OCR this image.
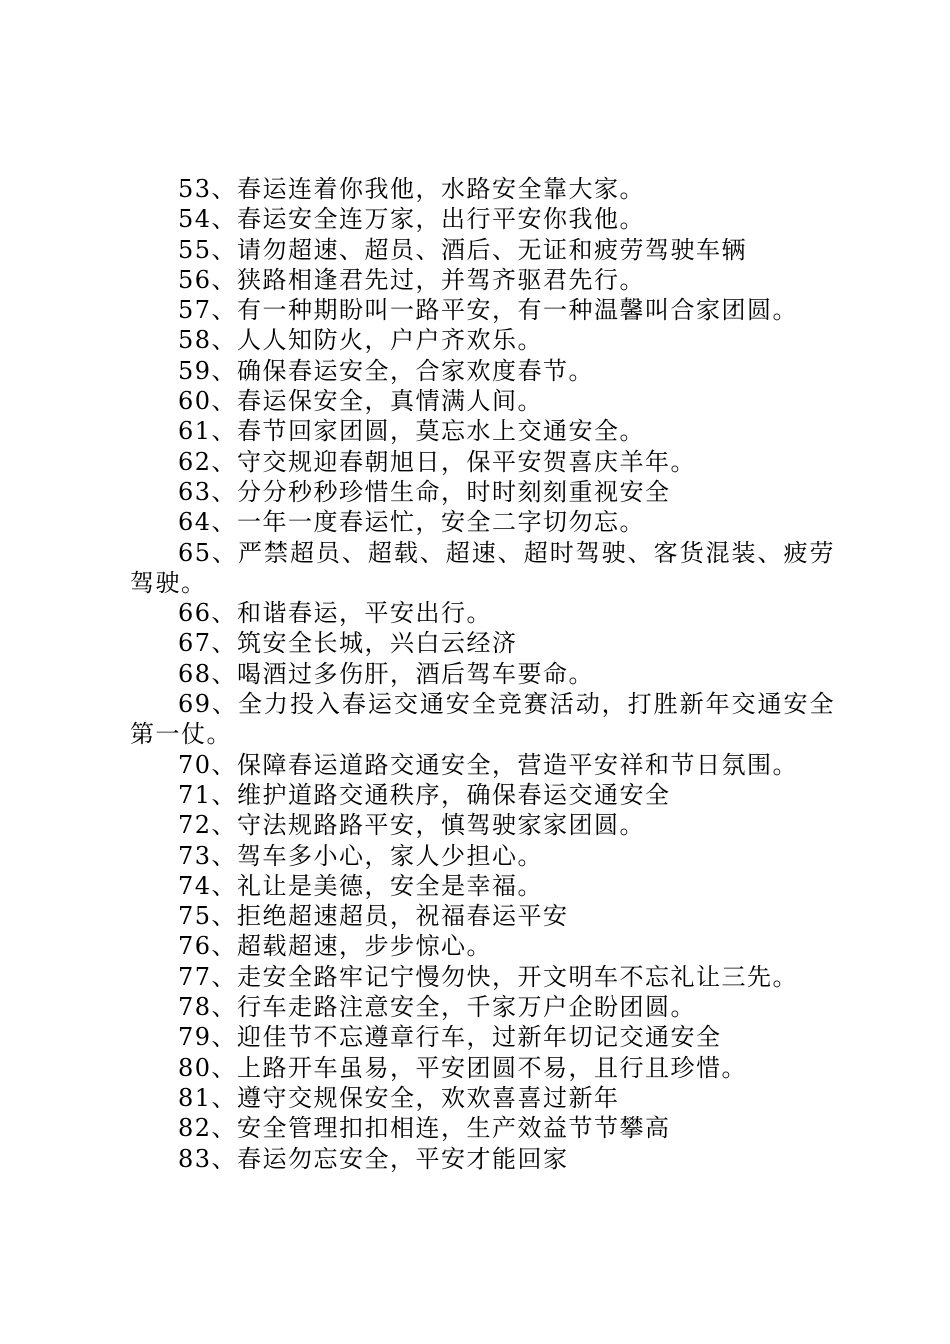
53、春运连着你我他，水路安全靠大家。
54、春运安全连万家，出行平安你我他。
55、请勿超速、超员、酒后、无证和疲劳驾驶车辆
56、狭路相逢君先过，并驾齐驱君先行。
57、有一种期盼叫一路平安，有一种温馨叫合家团圆。
58、人人知防火，户户齐欢乐。
59、确保春运安全，合家欢度春节。
60、春运保安全，真情满人间。
61、春节回家团圆，莫忘水上交通安全。
62、守交规迎春朝旭日，保平安贺喜庆羊年。
63、分分秒秒珍惜生命，时时刻刻重视安全
64、一年一度春运忙，安全二字切勿忘。
65、严禁超员、超载、超速、超时驾驶、客货混装、疲劳驾驶。
66、和谐春运，平安出行。
67、筑安全长城，兴白云经济
68、喝酒过多伤肝，酒后驾车要命。
69、全力投入春运交通安全竞赛活动，打胜新年交通安全第一仗。
70、保障春运道路交通安全，营造平安祥和节日氛围。
71、维护道路交通秩序，确保春运交通安全
72、守法规路路平安，慎驾驶家家团圆。
73、驾车多小心，家人少担心。
74、礼让是美德，安全是幸福。
75、拒绝超速超员，祝福春运平安
76、超载超速，步步惊心。
77、走安全路牢记宁慢勿快，开文明车不忘礼让三先。
78、行车走路注意安全，千家万户企盼团圆。
79、迎佳节不忘遵章行车，过新年切记交通安全
80、上路开车虽易，平安团圆不易，且行且珍惜。
81、遵守交规保安全，欢欢喜喜过新年
82、安全管理扣扣相连，生产效益节节攀高
83、春运勿忘安全，平安才能回家
